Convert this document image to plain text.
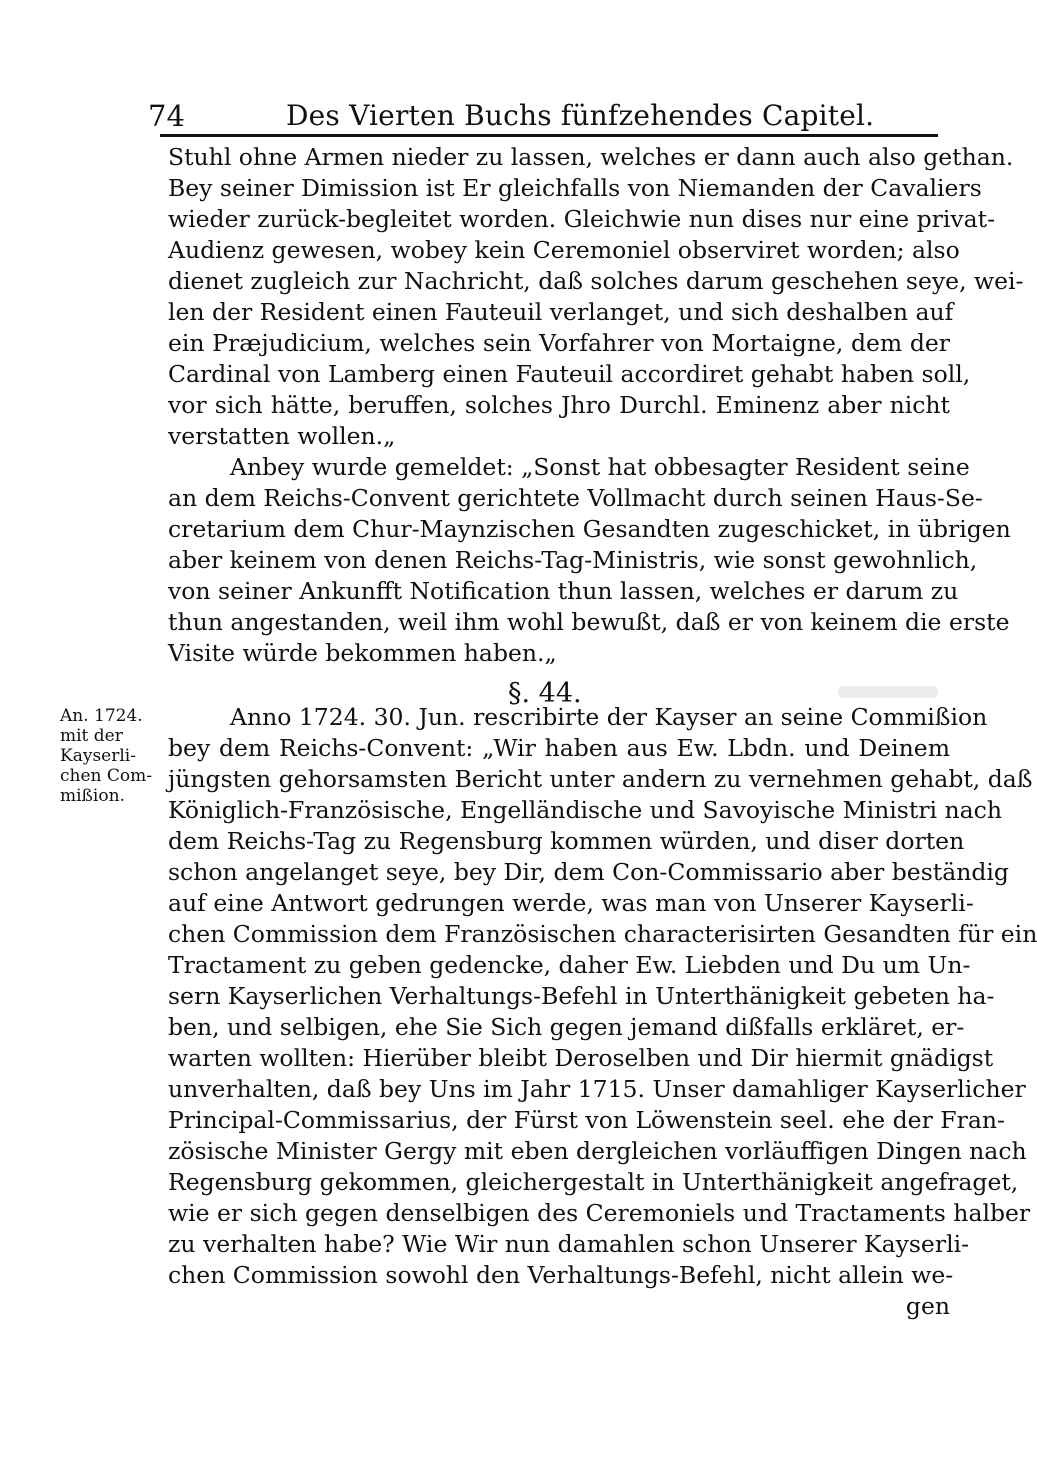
74	Des Vierten Buchs fünfzehendes Capitel.
Stuhl ohne Armen nieder zu lassen, welches er dann auch also gethan.
Bey seiner Dimission ist Er gleichfalls von Niemanden der Cavaliers
wieder zurück-begleitet worden. Gleichwie nun dises nur eine privat-
Audienz gewesen, wobey kein Ceremoniel observiret worden; also
dienet zugleich zur Nachricht, daß solches darum geschehen seye, wei-
len der Resident einen Fauteuil verlanget, und sich deshalben auf
ein Præjudicium, welches sein Vorfahrer von Mortaigne, dem der
Cardinal von Lamberg einen Fauteuil accordiret gehabt haben soll,
vor sich hätte, beruffen, solches Jhro Durchl. Eminenz aber nicht
verstatten wollen.„
Anbey wurde gemeldet: „Sonst hat obbesagter Resident seine
an dem Reichs-Convent gerichtete Vollmacht durch seinen Haus-Se-
cretarium dem Chur-Maynzischen Gesandten zugeschicket, in übrigen
aber keinem von denen Reichs-Tag-Ministris, wie sonst gewohnlich,
von seiner Ankunfft Notification thun lassen, welches er darum zu
thun angestanden, weil ihm wohl bewußt, daß er von keinem die erste
Visite würde bekommen haben.„
Anno 1724. 30. Jun. rescribirte der Kayser an seine Commißion
bey dem Reichs-Convent: „Wir haben aus Ew. Lbdn. und Deinem
jüngsten gehorsamsten Bericht unter andern zu vernehmen gehabt, daß
Königlich-Französische, Engelländische und Savoyische Ministri nach
dem Reichs-Tag zu Regensburg kommen würden, und diser dorten
schon angelanget seye, bey Dir, dem Con-Commissario aber beständig
auf eine Antwort gedrungen werde, was man von Unserer Kayserli-
chen Commission dem Französischen characterisirten Gesandten für ein
Tractament zu geben gedencke, daher Ew. Liebden und Du um Un-
sern Kayserlichen Verhaltungs-Befehl in Unterthänigkeit gebeten ha-
ben, und selbigen, ehe Sie Sich gegen jemand dißfalls erkläret, er-
warten wollten: Hierüber bleibt Deroselben und Dir hiermit gnädigst
unverhalten, daß bey Uns im Jahr 1715. Unser damahliger Kayserlicher
Principal-Commissarius, der Fürst von Löwenstein seel. ehe der Fran-
zösische Minister Gergy mit eben dergleichen vorläuffigen Dingen nach
Regensburg gekommen, gleichergestalt in Unterthänigkeit angefraget,
wie er sich gegen denselbigen des Ceremoniels und Tractaments halber
zu verhalten habe? Wie Wir nun damahlen schon Unserer Kayserli-
chen Commission sowohl den Verhaltungs-Befehl, nicht allein we-
gen
§. 44.
An. 1724.
mit der
Kayserli-
chen Com-
mißion.
